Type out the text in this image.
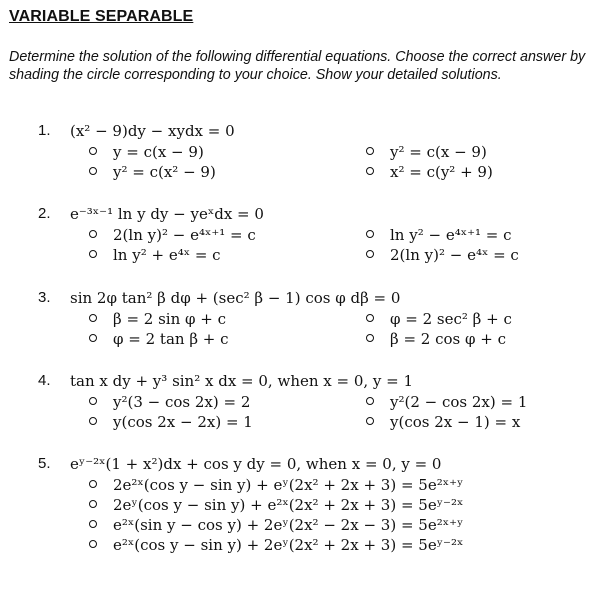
VARIABLE SEPARABLE

Determine the solution of the following differential equations. Choose the correct answer by shading the circle corresponding to your choice. Show your detailed solutions.

1. (x² − 9)dy − xydx = 0
y = c(x − 9)	y² = c(x − 9)
y² = c(x² − 9)	x² = c(y² + 9)
2. e⁻³ˣ⁻¹ ln y dy − yeˣdx = 0
2(ln y)² − e⁴ˣ⁺¹ = c	ln y² − e⁴ˣ⁺¹ = c
ln y² + e⁴ˣ = c	2(ln y)² − e⁴ˣ = c
3. sin 2φ tan² β dφ + (sec² β − 1) cos φ dβ = 0
β = 2 sin φ + c	φ = 2 sec² β + c
φ = 2 tan β + c	β = 2 cos φ + c
4. tan x dy + y³ sin² x dx = 0, when x = 0, y = 1
y²(3 − cos 2x) = 2	y²(2 − cos 2x) = 1
y(cos 2x − 2x) = 1	y(cos 2x − 1) = x
5. eʸ⁻²ˣ(1 + x²)dx + cos y dy = 0, when x = 0, y = 0
2e²ˣ(cos y − sin y) + eʸ(2x² + 2x + 3) = 5e²ˣ⁺ʸ
2eʸ(cos y − sin y) + e²ˣ(2x² + 2x + 3) = 5eʸ⁻²ˣ
e²ˣ(sin y − cos y) + 2eʸ(2x² − 2x − 3) = 5e²ˣ⁺ʸ
e²ˣ(cos y − sin y) + 2eʸ(2x² + 2x + 3) = 5eʸ⁻²ˣ
